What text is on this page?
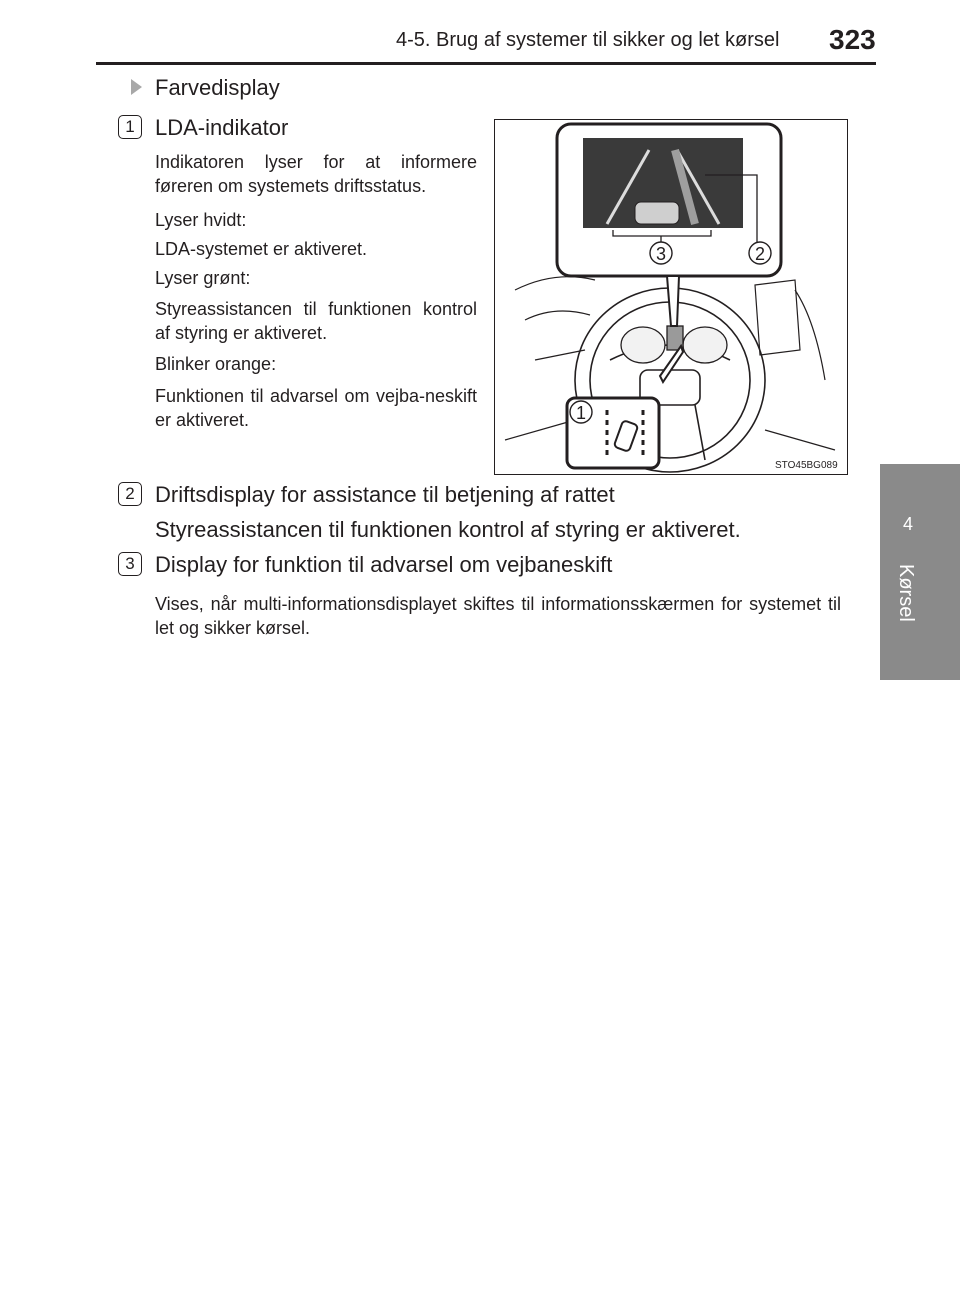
4-5. Brug af systemer til sikker og let kørsel 323
4
Kørsel
Farvedisplay
1 LDA-indikator
Indikatoren lyser for at informere føreren om systemets driftsstatus.
Lyser hvidt:
LDA-systemet er aktiveret.
Lyser grønt:
Styreassistancen til funktionen kontrol af styring er aktiveret.
Blinker orange:
Funktionen til advarsel om vejba-neskift er aktiveret.
3	2
1
STO45BG089
2 Driftsdisplay for assistance til betjening af rattet
Styreassistancen til funktionen kontrol af styring er aktiveret.
3 Display for funktion til advarsel om vejbaneskift
Vises, når multi-informationsdisplayet skiftes til informationsskærmen for systemet til let og sikker kørsel.
